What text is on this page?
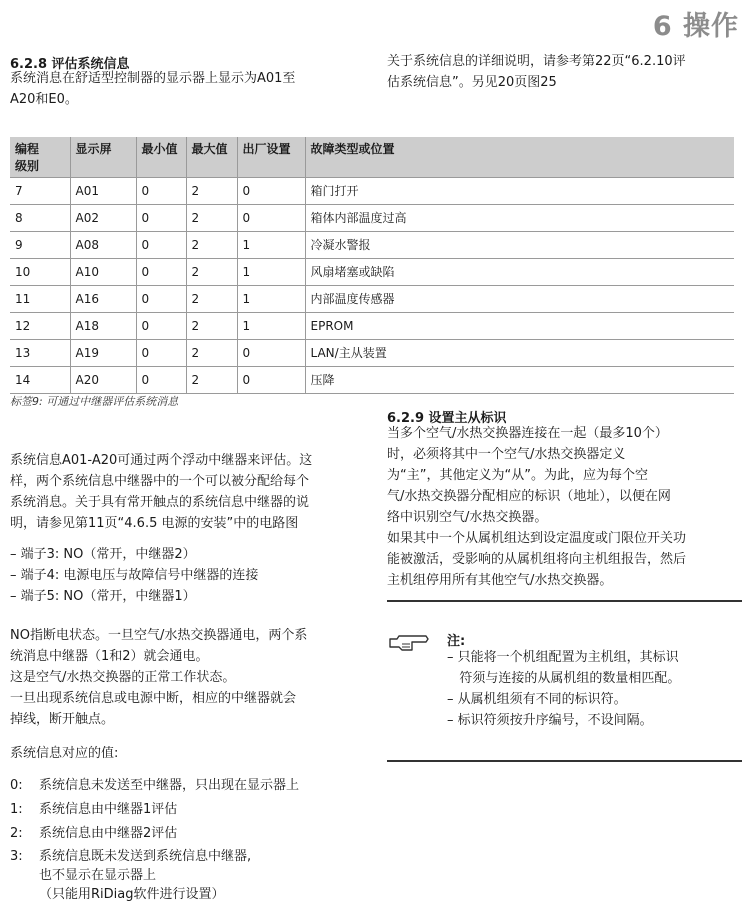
6 操作
6.2.8 评估系统信息
系统消息在舒适型控制器的显示器上显示为A01至
A20和E0。
关于系统信息的详细说明，请参考第22页“6.2.10评
估系统信息”。另见20页图25
编程
级别	显示屏	最小值	最大值	出厂设置	故障类型或位置
7	A01	0	2	0	箱门打开
8	A02	0	2	0	箱体内部温度过高
9	A08	0	2	1	冷凝水警报
10	A10	0	2	1	风扇堵塞或缺陷
11	A16	0	2	1	内部温度传感器
12	A18	0	2	1	EPROM
13	A19	0	2	0	LAN/主从装置
14	A20	0	2	0	压降
标签9: 可通过中继器评估系统消息
系统信息A01-A20可通过两个浮动中继器来评估。这
样，两个系统信息中继器中的一个可以被分配给每个
系统消息。关于具有常开触点的系统信息中继器的说
明，请参见第11页“4.6.5 电源的安装”中的电路图
– 端子3: NO（常开，中继器2）
– 端子4: 电源电压与故障信号中继器的连接
– 端子5: NO（常开，中继器1）
NO指断电状态。一旦空气/水热交换器通电，两个系
统消息中继器（1和2）就会通电。
这是空气/水热交换器的正常工作状态。
一旦出现系统信息或电源中断，相应的中继器就会
掉线，断开触点。
系统信息对应的值:
0: 系统信息未发送至中继器，只出现在显示器上
1: 系统信息由中继器1评估
2: 系统信息由中继器2评估
3: 系统信息既未发送到系统信息中继器,
也不显示在显示器上
（只能用RiDiag软件进行设置）
6.2.9 设置主从标识
当多个空气/水热交换器连接在一起（最多10个）
时，必须将其中一个空气/水热交换器定义
为“主”，其他定义为“从”。为此，应为每个空
气/水热交换器分配相应的标识（地址），以便在网
络中识别空气/水热交换器。
如果其中一个从属机组达到设定温度或门限位开关功
能被激活，受影响的从属机组将向主机组报告，然后
主机组停用所有其他空气/水热交换器。
注:
– 只能将一个机组配置为主机组，其标识
符须与连接的从属机组的数量相匹配。
– 从属机组须有不同的标识符。
– 标识符须按升序编号，不设间隔。
